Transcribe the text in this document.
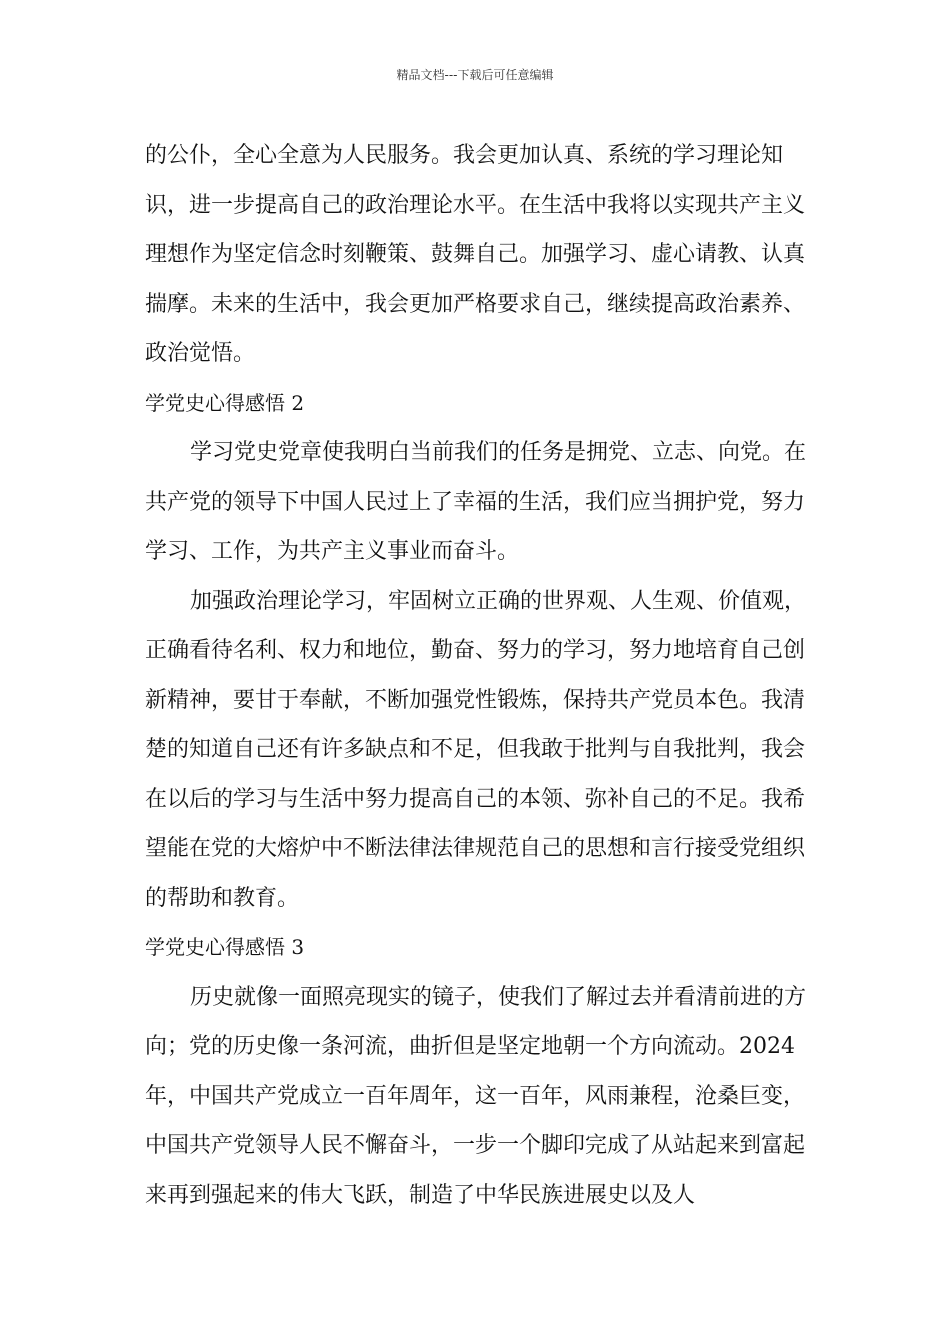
精品文档---下载后可任意编辑

的公仆，全心全意为人民服务。我会更加认真、系统的学习理论知识，进一步提高自己的政治理论水平。在生活中我将以实现共产主义理想作为坚定信念时刻鞭策、鼓舞自己。加强学习、虚心请教、认真揣摩。未来的生活中，我会更加严格要求自己，继续提高政治素养、政治觉悟。

学党史心得感悟 2

学习党史党章使我明白当前我们的任务是拥党、立志、向党。在共产党的领导下中国人民过上了幸福的生活，我们应当拥护党，努力学习、工作，为共产主义事业而奋斗。

加强政治理论学习，牢固树立正确的世界观、人生观、价值观，正确看待名利、权力和地位，勤奋、努力的学习，努力地培育自己创新精神，要甘于奉献，不断加强党性锻炼，保持共产党员本色。我清楚的知道自己还有许多缺点和不足，但我敢于批判与自我批判，我会在以后的学习与生活中努力提高自己的本领、弥补自己的不足。我希望能在党的大熔炉中不断法律法律规范自己的思想和言行接受党组织的帮助和教育。

学党史心得感悟 3

历史就像一面照亮现实的镜子，使我们了解过去并看清前进的方向；党的历史像一条河流，曲折但是坚定地朝一个方向流动。2024 年，中国共产党成立一百年周年，这一百年，风雨兼程，沧桑巨变，中国共产党领导人民不懈奋斗，一步一个脚印完成了从站起来到富起来再到强起来的伟大飞跃，制造了中华民族进展史以及人
